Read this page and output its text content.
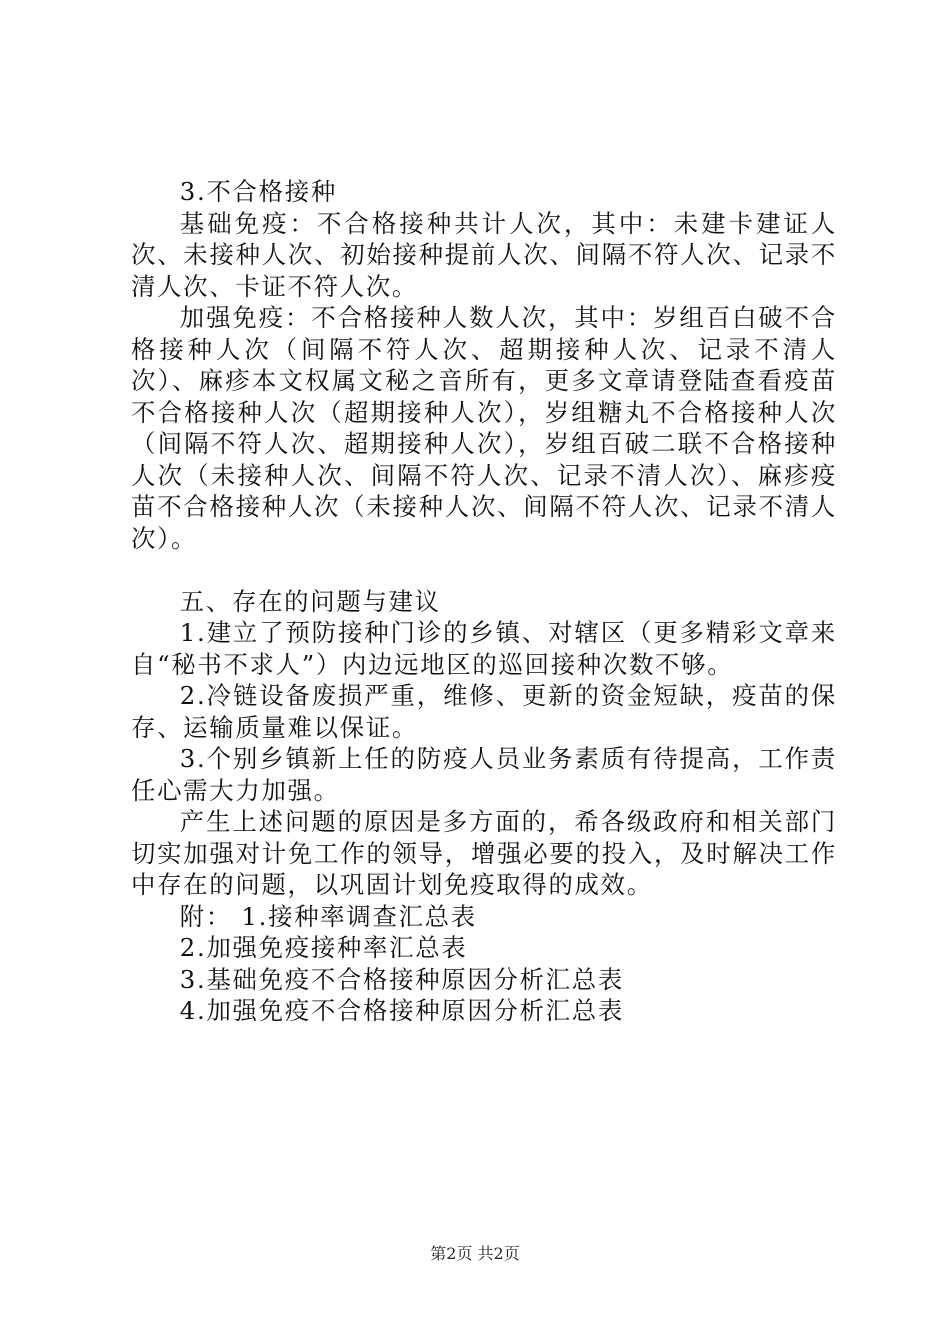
3.不合格接种

基础免疫：不合格接种共计人次，其中：未建卡建证人次、未接种人次、初始接种提前人次、间隔不符人次、记录不清人次、卡证不符人次。

加强免疫：不合格接种人数人次，其中：岁组百白破不合格接种人次（间隔不符人次、超期接种人次、记录不清人次）、麻疹本文权属文秘之音所有，更多文章请登陆查看疫苗不合格接种人次（超期接种人次），岁组糖丸不合格接种人次（间隔不符人次、超期接种人次），岁组百破二联不合格接种人次（未接种人次、间隔不符人次、记录不清人次）、麻疹疫苗不合格接种人次（未接种人次、间隔不符人次、记录不清人次）。

五、存在的问题与建议

1.建立了预防接种门诊的乡镇、对辖区（更多精彩文章来自“秘书不求人”）内边远地区的巡回接种次数不够。

2.冷链设备废损严重，维修、更新的资金短缺，疫苗的保存、运输质量难以保证。

3.个别乡镇新上任的防疫人员业务素质有待提高，工作责任心需大力加强。

产生上述问题的原因是多方面的，希各级政府和相关部门切实加强对计免工作的领导，增强必要的投入，及时解决工作中存在的问题，以巩固计划免疫取得的成效。

附： 1.接种率调查汇总表

2.加强免疫接种率汇总表

3.基础免疫不合格接种原因分析汇总表

4.加强免疫不合格接种原因分析汇总表

第2页 共2页
